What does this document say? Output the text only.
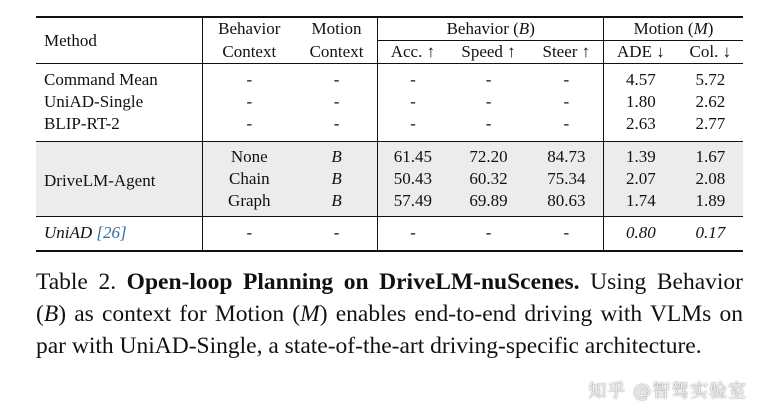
Method	Behavior	Motion	Behavior (B)			Motion (M)	
	Context	Context	Acc. ↑	Speed ↑	Steer ↑	ADE ↓	Col. ↓
Command Mean	-	-	-	-	-	4.57	5.72
UniAD-Single	-	-	-	-	-	1.80	2.62
BLIP-RT-2	-	-	-	-	-	2.63	2.77
DriveLM-Agent	None	B	61.45	72.20	84.73	1.39	1.67
	Chain	B	50.43	60.32	75.34	2.07	2.08
	Graph	B	57.49	69.89	80.63	1.74	1.89
UniAD [26]	-	-	-	-	-	0.80	0.17
Table 2. Open-loop Planning on DriveLM-nuScenes. Using Behavior (B) as context for Motion (M) enables end-to-end driving with VLMs on par with UniAD-Single, a state-of-the-art driving-specific architecture.
知乎 @智驾实验室
